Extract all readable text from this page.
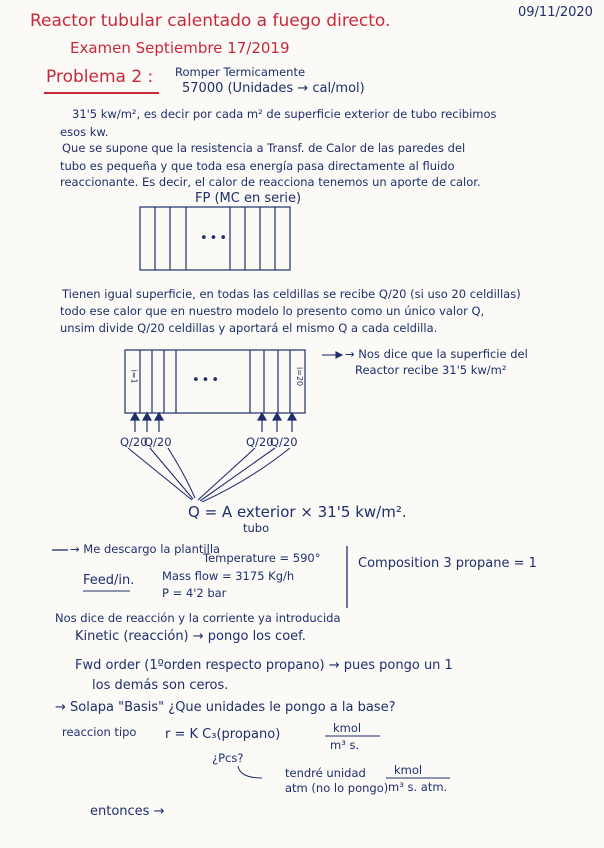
09/11/2020
Reactor tubular calentado a fuego directo.
Examen Septiembre 17/2019
Problema 2 : Romper Termicamente
57000 (Unidades → cal/mol)
31'5 kw/m², es decir por cada m² de superficie exterior de tubo recibimos
esos kw.
Que se supone que la resistencia a Transf. de Calor de las paredes del
tubo es pequeña y que toda esa energía pasa directamente al fluido
reaccionante. Es decir, el calor de reacciona tenemos un aporte de calor.
FP (MC en serie)
•••
Tienen igual superficie, en todas las celdillas se recibe Q/20 (si uso 20 celdillas)
todo ese calor que en nuestro modelo lo presento como un único valor Q,
unsim divide Q/20 celdillas y aportará el mismo Q a cada celdilla.
i=1	i=20
•••
→ Nos dice que la superficie del
Reactor recibe 31'5 kw/m²
Q/20
Q/20	Q/20
Q/20
Q = A exterior × 31'5 kw/m².
tubo
→ Me descargo la plantilla
Temperature = 590°
Feed/in. Mass flow = 3175 Kg/h
P = 4'2 bar
Composition 3 propane = 1
Nos dice de reacción y la corriente ya introducida
Kinetic (reacción) → pongo los coef.
Fwd order (1ºorden respecto propano) → pues pongo un 1
los demás son ceros.
→ Solapa "Basis" ¿Que unidades le pongo a la base?
reaccion tipo r = K C₃(propano)	kmol
m³ s.
¿Pcs?
tendré unidad
atm (no lo pongo)
kmol
m³ s. atm.
entonces →
